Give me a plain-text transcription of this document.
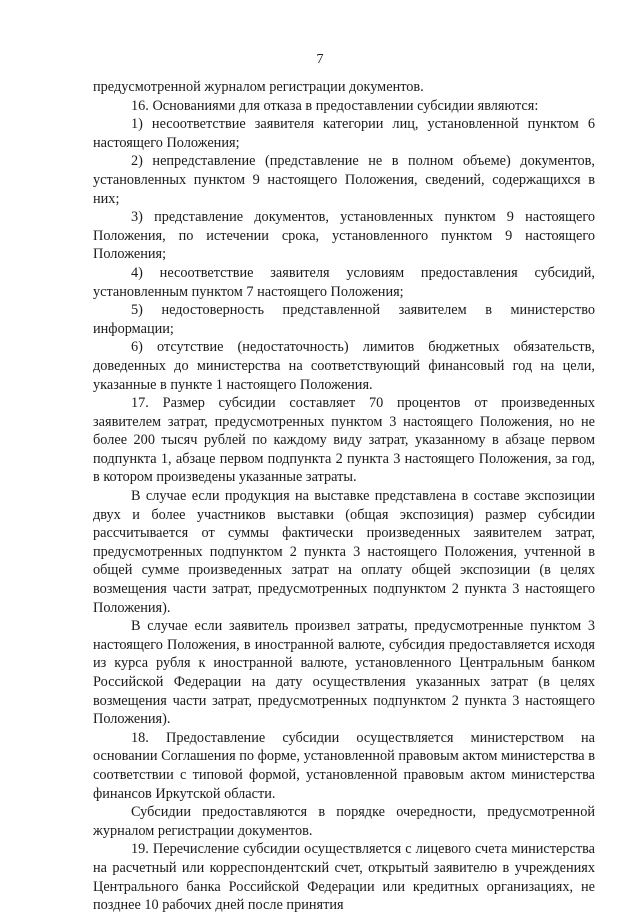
7

предусмотренной журналом регистрации документов.

16. Основаниями для отказа в предоставлении субсидии являются:

1) несоответствие заявителя категории лиц, установленной пунктом 6 настоящего Положения;

2) непредставление (представление не в полном объеме) документов, установленных пунктом 9 настоящего Положения, сведений, содержащихся в них;

3) представление документов, установленных пунктом 9 настоящего Положения, по истечении срока, установленного пунктом 9 настоящего Положения;

4) несоответствие заявителя условиям предоставления субсидий, установленным пунктом 7 настоящего Положения;

5) недостоверность представленной заявителем в министерство информации;

6) отсутствие (недостаточность) лимитов бюджетных обязательств, доведенных до министерства на соответствующий финансовый год на цели, указанные в пункте 1 настоящего Положения.

17. Размер субсидии составляет 70 процентов от произведенных заявителем затрат, предусмотренных пунктом 3 настоящего Положения, но не более 200 тысяч рублей по каждому виду затрат, указанному в абзаце первом подпункта 1, абзаце первом подпункта 2 пункта 3 настоящего Положения, за год, в котором произведены указанные затраты.

В случае если продукция на выставке представлена в составе экспозиции двух и более участников выставки (общая экспозиция) размер субсидии рассчитывается от суммы фактически произведенных заявителем затрат, предусмотренных подпунктом 2 пункта 3 настоящего Положения, учтенной в общей сумме произведенных затрат на оплату общей экспозиции (в целях возмещения части затрат, предусмотренных подпунктом 2 пункта 3 настоящего Положения).

В случае если заявитель произвел затраты, предусмотренные пунктом 3 настоящего Положения, в иностранной валюте, субсидия предоставляется исходя из курса рубля к иностранной валюте, установленного Центральным банком Российской Федерации на дату осуществления указанных затрат (в целях возмещения части затрат, предусмотренных подпунктом 2 пункта 3 настоящего Положения).

18. Предоставление субсидии осуществляется министерством на основании Соглашения по форме, установленной правовым актом министерства в соответствии с типовой формой, установленной правовым актом министерства финансов Иркутской области.

Субсидии предоставляются в порядке очередности, предусмотренной журналом регистрации документов.

19. Перечисление субсидии осуществляется с лицевого счета министерства на расчетный или корреспондентский счет, открытый заявителю в учреждениях Центрального банка Российской Федерации или кредитных организациях, не позднее 10 рабочих дней после принятия
